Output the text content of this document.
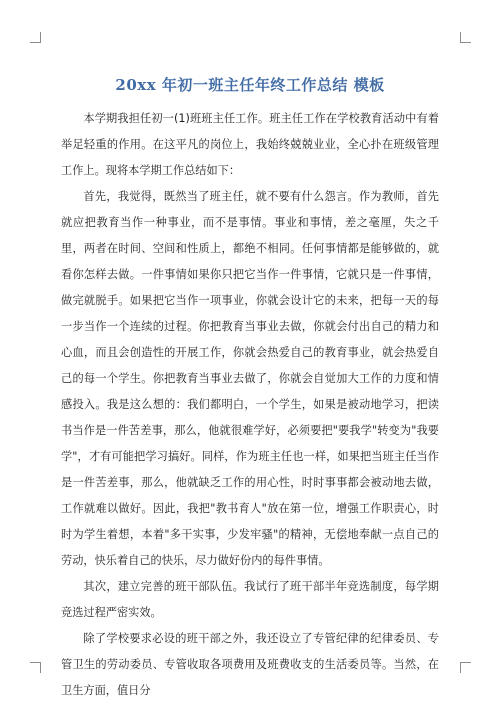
20xx 年初一班主任年终工作总结 模板

本学期我担任初一(1)班班主任工作。班主任工作在学校教育活动中有着举足轻重的作用。在这平凡的岗位上，我始终兢兢业业，全心扑在班级管理工作上。现将本学期工作总结如下：

首先，我觉得，既然当了班主任，就不要有什么怨言。作为教师，首先就应把教育当作一种事业，而不是事情。事业和事情，差之毫厘，失之千里，两者在时间、空间和性质上，都绝不相同。任何事情都是能够做的，就看你怎样去做。一件事情如果你只把它当作一件事情，它就只是一件事情，做完就脱手。如果把它当作一项事业，你就会设计它的未来，把每一天的每一步当作一个连续的过程。你把教育当事业去做，你就会付出自己的精力和心血，而且会创造性的开展工作，你就会热爱自己的教育事业，就会热爱自己的每一个学生。你把教育当事业去做了，你就会自觉加大工作的力度和情感投入。我是这么想的：我们都明白，一个学生，如果是被动地学习，把读书当作是一件苦差事，那么，他就很难学好，必须要把"要我学"转变为"我要学"，才有可能把学习搞好。同样，作为班主任也一样，如果把当班主任当作是一件苦差事，那么，他就缺乏工作的用心性，时时事事都会被动地去做，工作就难以做好。因此，我把"教书育人"放在第一位，增强工作职责心，时时为学生着想，本着"多干实事，少发牢骚"的精神，无偿地奉献一点自己的劳动，快乐着自己的快乐，尽力做好份内的每件事情。

其次，建立完善的班干部队伍。我试行了班干部半年竞选制度，每学期竞选过程严密实效。

除了学校要求必设的班干部之外，我还设立了专管纪律的纪律委员、专管卫生的劳动委员、专管收取各项费用及班费收支的生活委员等。当然，在卫生方面，值日分
